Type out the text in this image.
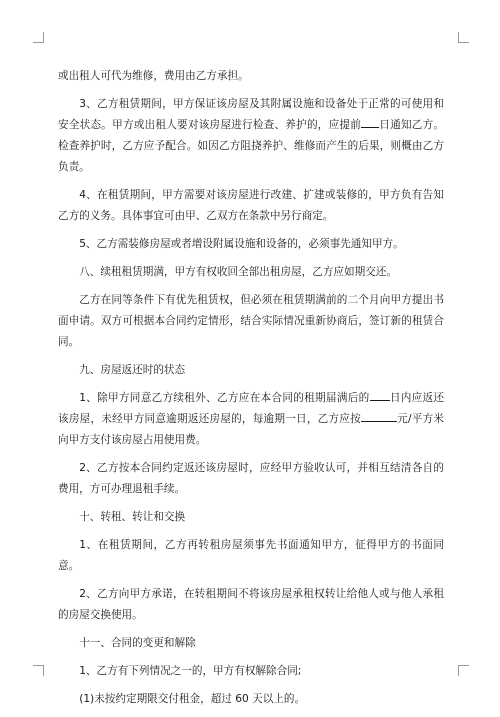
或出租人可代为维修，费用由乙方承担。

3、乙方租赁期间，甲方保证该房屋及其附属设施和设备处于正常的可使用和安全状态。甲方或出租人要对该房屋进行检查、养护的，应提前 日通知乙方。检查养护时，乙方应予配合。如因乙方阻挠养护、维修而产生的后果，则概由乙方负责。

4、在租赁期间，甲方需要对该房屋进行改建、扩建或装修的，甲方负有告知乙方的义务。具体事宜可由甲、乙双方在条款中另行商定。

5、乙方需装修房屋或者增设附属设施和设备的，必须事先通知甲方。

八、续租租赁期满，甲方有权收回全部出租房屋，乙方应如期交还。

乙方在同等条件下有优先租赁权，但必须在租赁期满前的二个月向甲方提出书面申请。双方可根据本合同约定情形，结合实际情况重新协商后，签订新的租赁合同。

九、房屋返还时的状态

1、除甲方同意乙方续租外、乙方应在本合同的租期届满后的 日内应返还该房屋，未经甲方同意逾期返还房屋的，每逾期一日，乙方应按	元/平方米向甲方支付该房屋占用使用费。

2、乙方按本合同约定返还该房屋时，应经甲方验收认可，并相互结清各自的费用，方可办理退租手续。

十、转租、转让和交换

1、在租赁期间，乙方再转租房屋须事先书面通知甲方，征得甲方的书面同意。

2、乙方向甲方承诺，在转租期间不将该房屋承租权转让给他人或与他人承租的房屋交换使用。

十一、合同的变更和解除

1、乙方有下列情况之一的，甲方有权解除合同;

(1)未按约定期限交付租金，超过 60 天以上的。
